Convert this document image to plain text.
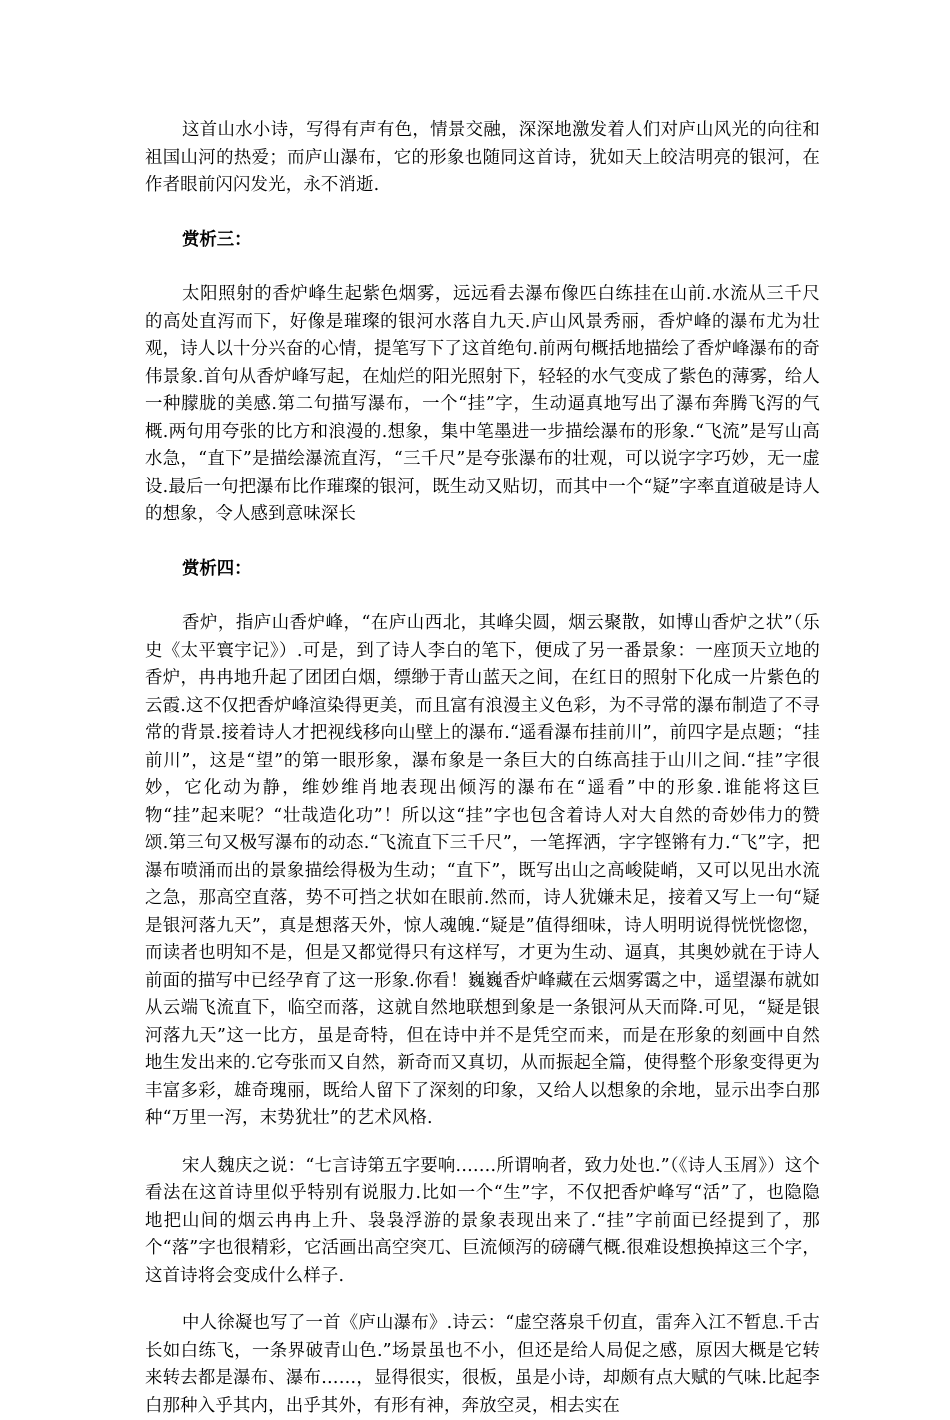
这首山水小诗，写得有声有色，情景交融，深深地激发着人们对庐山风光的向往和祖国山河的热爱；而庐山瀑布，它的形象也随同这首诗，犹如天上皎洁明亮的银河，在作者眼前闪闪发光，永不消逝.

赏析三：

太阳照射的香炉峰生起紫色烟雾，远远看去瀑布像匹白练挂在山前.水流从三千尺的高处直泻而下，好像是璀璨的银河水落自九天.庐山风景秀丽，香炉峰的瀑布尤为壮观，诗人以十分兴奋的心情，提笔写下了这首绝句.前两句概括地描绘了香炉峰瀑布的奇伟景象.首句从香炉峰写起，在灿烂的阳光照射下，轻轻的水气变成了紫色的薄雾，给人一种朦胧的美感.第二句描写瀑布，一个“挂”字，生动逼真地写出了瀑布奔腾飞泻的气概.两句用夸张的比方和浪漫的.想象，集中笔墨进一步描绘瀑布的形象.“飞流”是写山高水急，“直下”是描绘瀑流直泻，“三千尺”是夸张瀑布的壮观，可以说字字巧妙，无一虚设.最后一句把瀑布比作璀璨的银河，既生动又贴切，而其中一个“疑”字率直道破是诗人的想象，令人感到意味深长

赏析四：

香炉，指庐山香炉峰，“在庐山西北，其峰尖圆，烟云聚散，如博山香炉之状”（乐史《太平寰宇记》）.可是，到了诗人李白的笔下，便成了另一番景象：一座顶天立地的香炉，冉冉地升起了团团白烟，缥缈于青山蓝天之间，在红日的照射下化成一片紫色的云霞.这不仅把香炉峰渲染得更美，而且富有浪漫主义色彩，为不寻常的瀑布制造了不寻常的背景.接着诗人才把视线移向山壁上的瀑布.“遥看瀑布挂前川”，前四字是点题；“挂前川”，这是“望”的第一眼形象，瀑布象是一条巨大的白练高挂于山川之间.“挂”字很妙，它化动为静，维妙维肖地表现出倾泻的瀑布在“遥看”中的形象.谁能将这巨物“挂”起来呢？“壮哉造化功”！所以这“挂”字也包含着诗人对大自然的奇妙伟力的赞颂.第三句又极写瀑布的动态.“飞流直下三千尺”，一笔挥洒，字字铿锵有力.“飞”字，把瀑布喷涌而出的景象描绘得极为生动；“直下”，既写出山之高峻陡峭，又可以见出水流之急，那高空直落，势不可挡之状如在眼前.然而，诗人犹嫌未足，接着又写上一句“疑是银河落九天”，真是想落天外，惊人魂魄.“疑是”值得细味，诗人明明说得恍恍惚惚，而读者也明知不是，但是又都觉得只有这样写，才更为生动、逼真，其奥妙就在于诗人前面的描写中已经孕育了这一形象.你看！巍巍香炉峰藏在云烟雾霭之中，遥望瀑布就如从云端飞流直下，临空而落，这就自然地联想到象是一条银河从天而降.可见，“疑是银河落九天”这一比方，虽是奇特，但在诗中并不是凭空而来，而是在形象的刻画中自然地生发出来的.它夸张而又自然，新奇而又真切，从而振起全篇，使得整个形象变得更为丰富多彩，雄奇瑰丽，既给人留下了深刻的印象，又给人以想象的余地，显示出李白那种“万里一泻，末势犹壮”的艺术风格.

宋人魏庆之说：“七言诗第五字要响.……所谓响者，致力处也.”（《诗人玉屑》）这个看法在这首诗里似乎特别有说服力.比如一个“生”字，不仅把香炉峰写“活”了，也隐隐地把山间的烟云冉冉上升、袅袅浮游的景象表现出来了.“挂”字前面已经提到了，那个“落”字也很精彩，它活画出高空突兀、巨流倾泻的磅礴气概.很难设想换掉这三个字，这首诗将会变成什么样子.

中人徐凝也写了一首《庐山瀑布》.诗云：“虚空落泉千仞直，雷奔入江不暂息.千古长如白练飞，一条界破青山色.”场景虽也不小，但还是给人局促之感，原因大概是它转来转去都是瀑布、瀑布……，显得很实，很板，虽是小诗，却颇有点大赋的气味.比起李白那种入乎其内，出乎其外，有形有神，奔放空灵，相去实在
